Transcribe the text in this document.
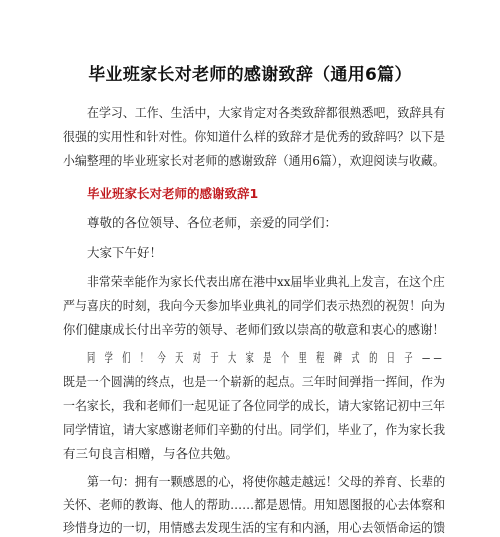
毕业班家长对老师的感谢致辞（通用6篇）
在学习、工作、生活中，大家肯定对各类致辞都很熟悉吧，致辞具有
很强的实用性和针对性。你知道什么样的致辞才是优秀的致辞吗？以下是
小编整理的毕业班家长对老师的感谢致辞（通用6篇），欢迎阅读与收藏。
毕业班家长对老师的感谢致辞1
尊敬的各位领导、各位老师，亲爱的同学们：
大家下午好！
非常荣幸能作为家长代表出席在港中xx届毕业典礼上发言，在这个庄
严与喜庆的时刻，我向今天参加毕业典礼的同学们表示热烈的祝贺！向为
你们健康成长付出辛劳的领导、老师们致以崇高的敬意和衷心的感谢！
同 学 们 ！ 今 天 对 于 大 家 是 个 里 程 碑 式 的 日 子 ——
既是一个圆满的终点，也是一个崭新的起点。三年时间弹指一挥间，作为
一名家长，我和老师们一起见证了各位同学的成长，请大家铭记初中三年
同学情谊，请大家感谢老师们辛勤的付出。同学们，毕业了，作为家长我
有三句良言相赠，与各位共勉。
第一句：拥有一颗感恩的心，将使你越走越远！父母的养育、长辈的
关怀、老师的教诲、他人的帮助……都是恩情。用知恩图报的心去体察和
珍惜身边的一切，用情感去发现生活的宝有和内涵，用心去领悟命运的馈
